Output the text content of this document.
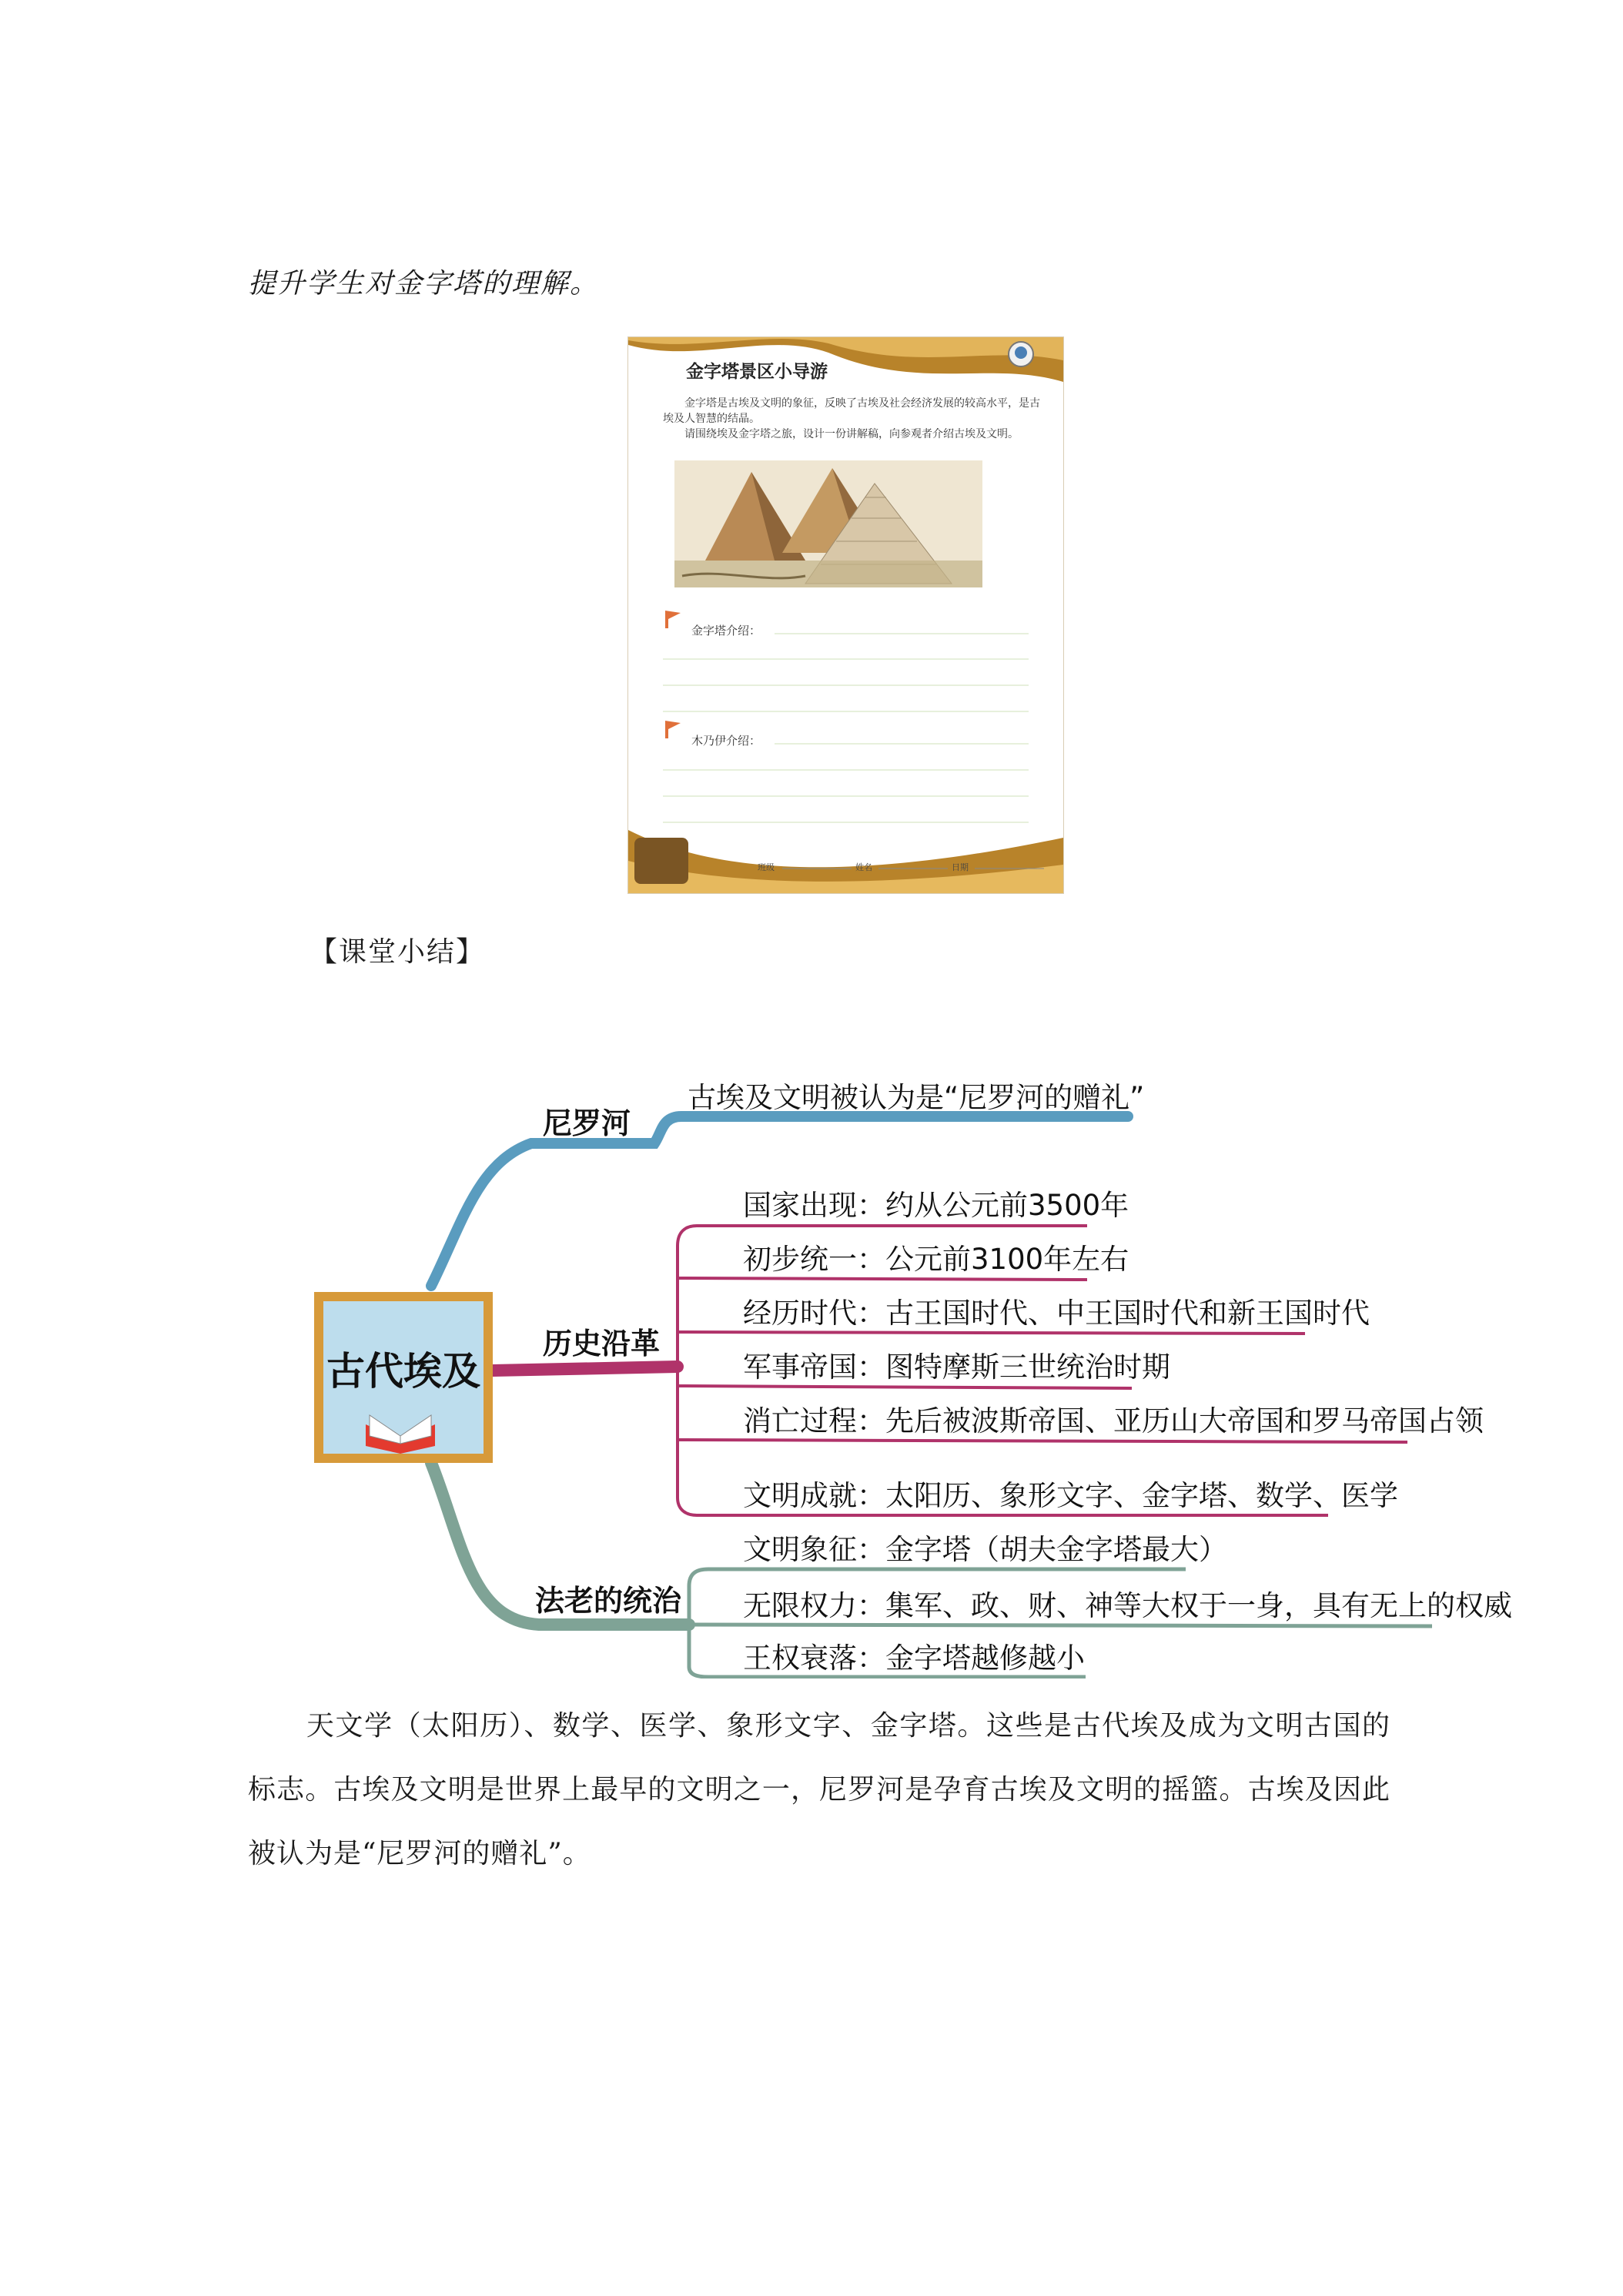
提升学生对金字塔的理解。
金字塔景区小导游
金字塔是古埃及文明的象征，反映了古埃及社会经济发展的较高水平，是古埃及人智慧的结晶。
请围绕埃及金字塔之旅，设计一份讲解稿，向参观者介绍古埃及文明。
金字塔介绍：
木乃伊介绍：
班级	姓名	日期
【课堂小结】
古代埃及
尼罗河
历史沿革
法老的统治
古埃及文明被认为是“尼罗河的赠礼”
国家出现：约从公元前3500年
初步统一：公元前3100年左右
经历时代：古王国时代、中王国时代和新王国时代
军事帝国：图特摩斯三世统治时期
消亡过程：先后被波斯帝国、亚历山大帝国和罗马帝国占领
文明成就：太阳历、象形文字、金字塔、数学、医学
文明象征：金字塔（胡夫金字塔最大）
无限权力：集军、政、财、神等大权于一身，具有无上的权威
王权衰落：金字塔越修越小
天文学（太阳历）、数学、医学、象形文字、金字塔。这些是古代埃及成为文明古国的标志。古埃及文明是世界上最早的文明之一，尼罗河是孕育古埃及文明的摇篮。古埃及因此被认为是“尼罗河的赠礼”。
